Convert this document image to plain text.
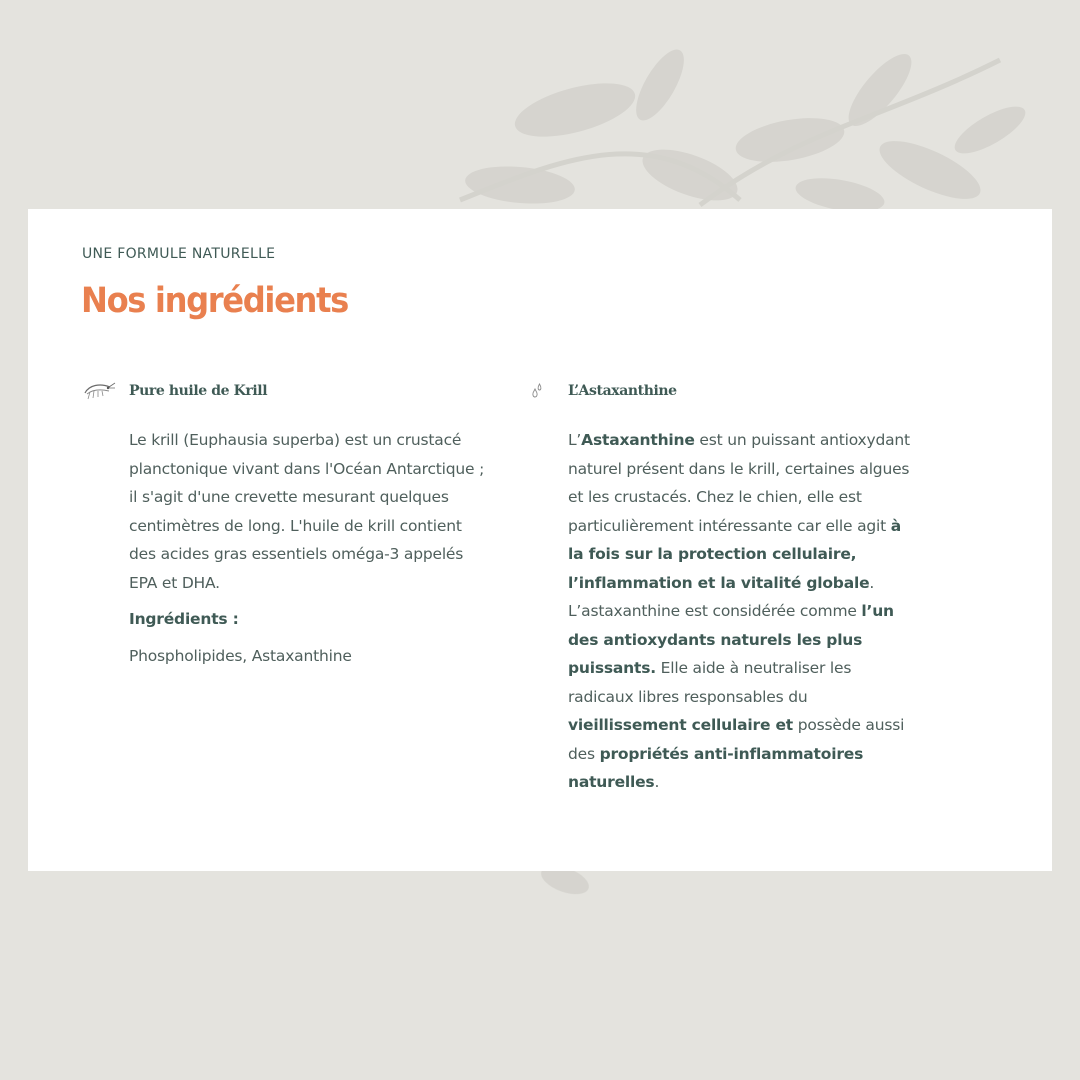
UNE FORMULE NATURELLE
Nos ingrédients
Pure huile de Krill

Le krill (Euphausia superba) est un crustacé planctonique vivant dans l'Océan Antarctique ; il s'agit d'une crevette mesurant quelques centimètres de long. L'huile de krill contient des acides gras essentiels oméga-3 appelés EPA et DHA.

Ingrédients :

Phospholipides, Astaxanthine

L’Astaxanthine

L’Astaxanthine est un puissant antioxydant naturel présent dans le krill, certaines algues et les crustacés. Chez le chien, elle est particulièrement intéressante car elle agit à la fois sur la protection cellulaire, l’inflammation et la vitalité globale.

L’astaxanthine est considérée comme l’un des antioxydants naturels les plus puissants. Elle aide à neutraliser les radicaux libres responsables du vieillissement cellulaire et possède aussi des propriétés anti-inflammatoires naturelles.
